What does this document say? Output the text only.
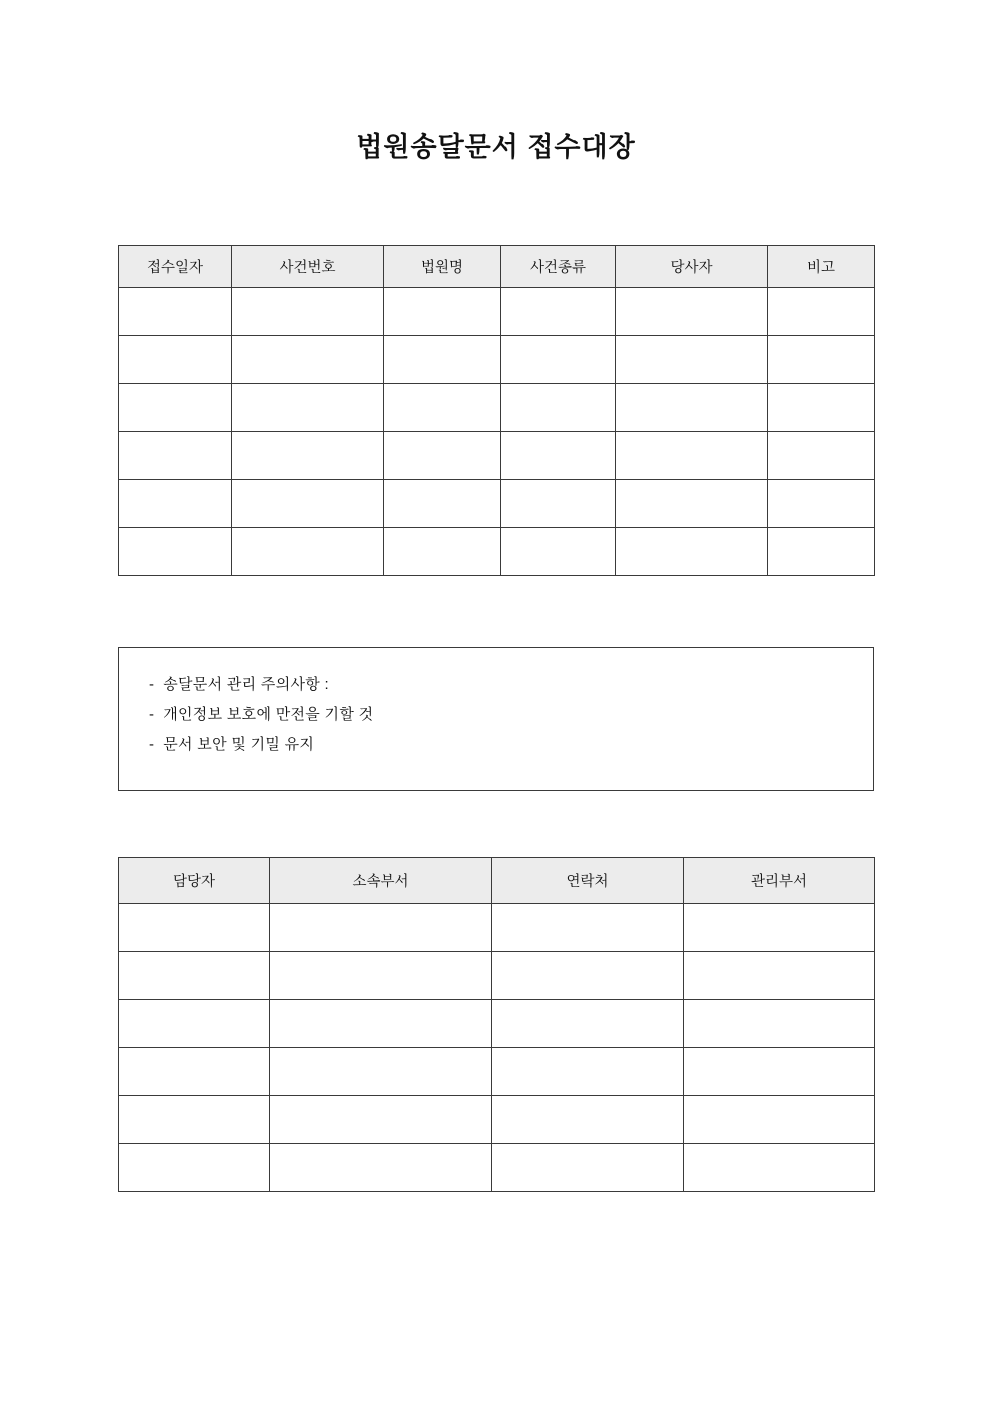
법원송달문서 접수대장
접수일자	사건번호	법원명	사건종류	당사자	비고

-  송달문서 관리 주의사항 :
-  개인정보 보호에 만전을 기할 것
-  문서 보안 및 기밀 유지
담당자	소속부서	연락처	관리부서
